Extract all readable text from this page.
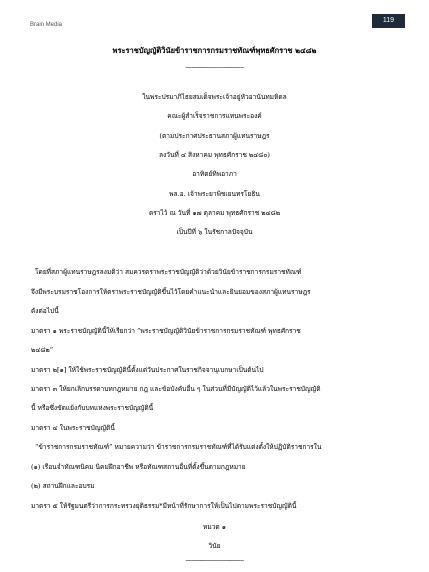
Brain Media
119
พระราชบัญญัติวินัยข้าราชการกรมราชทัณฑ์พุทธศักราช ๒๔๘๒
--------------------------------------
ในพระปรมาภิไธยสมเด็จพระเจ้าอยู่หัวอานันทมหิดล
คณะผู้สำเร็จราชการแทนพระองค์
(ตามประกาศประธานสภาผู้แทนราษฎร
ลงวันที่ ๔ สิงหาคม พุทธศักราช ๒๔๘๐)
อาทิตย์ทิพอาภา
พล.อ. เจ้าพระยาพิชเยนทรโยธิน
ตราไว้ ณ วันที่ ๑๗ ตุลาคม พุทธศักราช ๒๔๘๒
เป็นปีที่ ๖ ในรัชกาลปัจจุบัน
โดยที่สภาผู้แทนราษฎรลงมติว่า สมควรตราพระราชบัญญัติว่าด้วยวินัยข้าราชการกรมราชทัณฑ์
จึงมีพระบรมราชโองการให้ตราพระราชบัญญัติขึ้นไว้โดยคำแนะนำและยินยอมของสภาผู้แทนราษฎร
ดังต่อไปนี้
มาตรา ๑ พระราชบัญญัตินี้ให้เรียกว่า “พระราชบัญญัติวินัยข้าราชการกรมราชทัณฑ์ พุทธศักราช
๒๔๘๒”
มาตรา ๒[๑] ให้ใช้พระราชบัญญัตินี้ตั้งแต่วันประกาศในราชกิจจานุเบกษาเป็นต้นไป
มาตรา ๓ ให้ยกเลิกบรรดาบทกฎหมาย กฎ และข้อบังคับอื่น ๆ ในส่วนที่มีบัญญัติไว้แล้วในพระราชบัญญัติ
นี้ หรือซึ่งขัดแย้งกับบทแห่งพระราชบัญญัตินี้
มาตรา ๔ ในพระราชบัญญัตินี้
“ข้าราชการกรมราชทัณฑ์” หมายความว่า ข้าราชการกรมราชทัณฑ์ที่ได้รับแต่งตั้งให้ปฏิบัติราชการใน
(๑) เรือนจำทัณฑนิคม นิคมฝึกอาชีพ หรือทัณฑสถานอื่นที่ตั้งขึ้นตามกฎหมาย
(๒) สถานฝึกและอบรม
มาตรา ๕ ให้รัฐมนตรีว่าการกระทรวงยุติธรรม*มีหน้าที่รักษาการให้เป็นไปตามพระราชบัญญัตินี้
หมวด ๑
วินัย
--------------------------------------
